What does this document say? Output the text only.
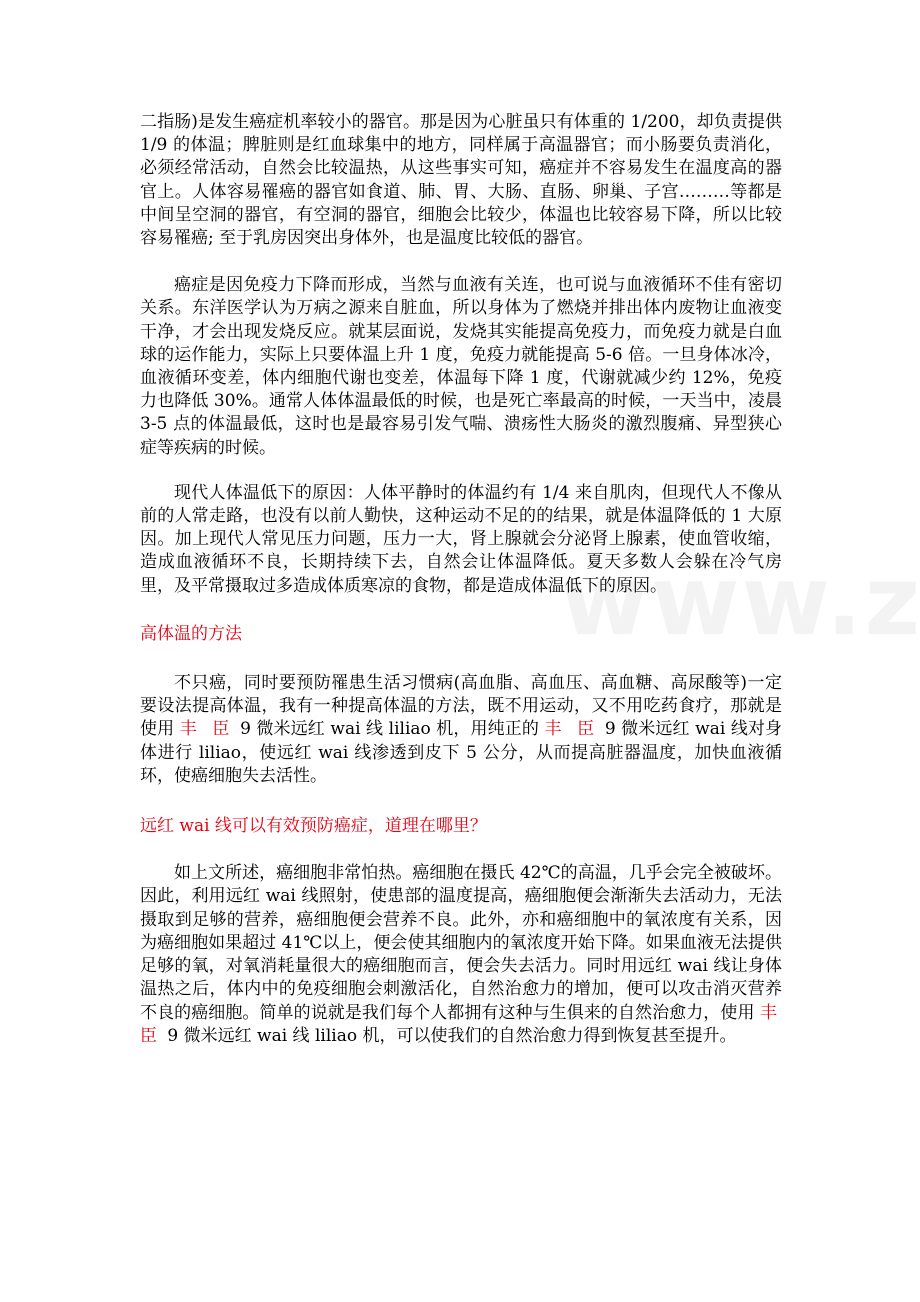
二指肠)是发生癌症机率较小的器官。那是因为心脏虽只有体重的 1/200，却负责提供 1/9 的体温；脾脏则是红血球集中的地方，同样属于高温器官；而小肠要负责消化，必须经常活动，自然会比较温热，从这些事实可知，癌症并不容易发生在温度高的器官上。人体容易罹癌的器官如食道、肺、胃、大肠、直肠、卵巢、子宫………等都是中间呈空洞的器官，有空洞的器官，细胞会比较少，体温也比较容易下降，所以比较容易罹癌; 至于乳房因突出身体外，也是温度比较低的器官。

癌症是因免疫力下降而形成，当然与血液有关连，也可说与血液循环不佳有密切关系。东洋医学认为万病之源来自脏血，所以身体为了燃烧并排出体内废物让血液变干净，才会出现发烧反应。就某层面说，发烧其实能提高免疫力，而免疫力就是白血球的运作能力，实际上只要体温上升 1 度，免疫力就能提高 5-6 倍。一旦身体冰冷，血液循环变差，体内细胞代谢也变差，体温每下降 1 度，代谢就减少约 12%，免疫力也降低 30%。通常人体体温最低的时候，也是死亡率最高的时候，一天当中，凌晨 3-5 点的体温最低，这时也是最容易引发气喘、溃疡性大肠炎的激烈腹痛、异型狭心症等疾病的时候。

现代人体温低下的原因：人体平静时的体温约有 1/4 来自肌肉，但现代人不像从前的人常走路，也没有以前人勤快，这种运动不足的的结果，就是体温降低的 1 大原因。加上现代人常见压力问题，压力一大，肾上腺就会分泌肾上腺素，使血管收缩，造成血液循环不良，长期持续下去，自然会让体温降低。夏天多数人会躲在冷气房里，及平常摄取过多造成体质寒凉的食物，都是造成体温低下的原因。

高体温的方法

不只癌，同时要预防罹患生活习惯病(高血脂、高血压、高血糖、高尿酸等)一定要设法提高体温，我有一种提高体温的方法，既不用运动，又不用吃药食疗，那就是使用 丰 臣 9 微米远红 wai 线 liliao 机，用纯正的 丰 臣 9 微米远红 wai 线对身体进行 liliao，使远红 wai 线渗透到皮下 5 公分，从而提高脏器温度，加快血液循环，使癌细胞失去活性。

远红 wai 线可以有效预防癌症，道理在哪里？

如上文所述，癌细胞非常怕热。癌细胞在摄氏 42℃的高温，几乎会完全被破坏。因此，利用远红 wai 线照射，使患部的温度提高，癌细胞便会渐渐失去活动力，无法摄取到足够的营养，癌细胞便会营养不良。此外，亦和癌细胞中的氧浓度有关系，因为癌细胞如果超过 41℃以上，便会使其细胞内的氧浓度开始下降。如果血液无法提供足够的氧，对氧消耗量很大的癌细胞而言，便会失去活力。同时用远红 wai 线让身体温热之后，体内中的免疫细胞会刺激活化，自然治愈力的增加，便可以攻击消灭营养不良的癌细胞。简单的说就是我们每个人都拥有这种与生俱来的自然治愈力，使用 丰 臣 9 微米远红 wai 线 liliao 机，可以使我们的自然治愈力得到恢复甚至提升。
